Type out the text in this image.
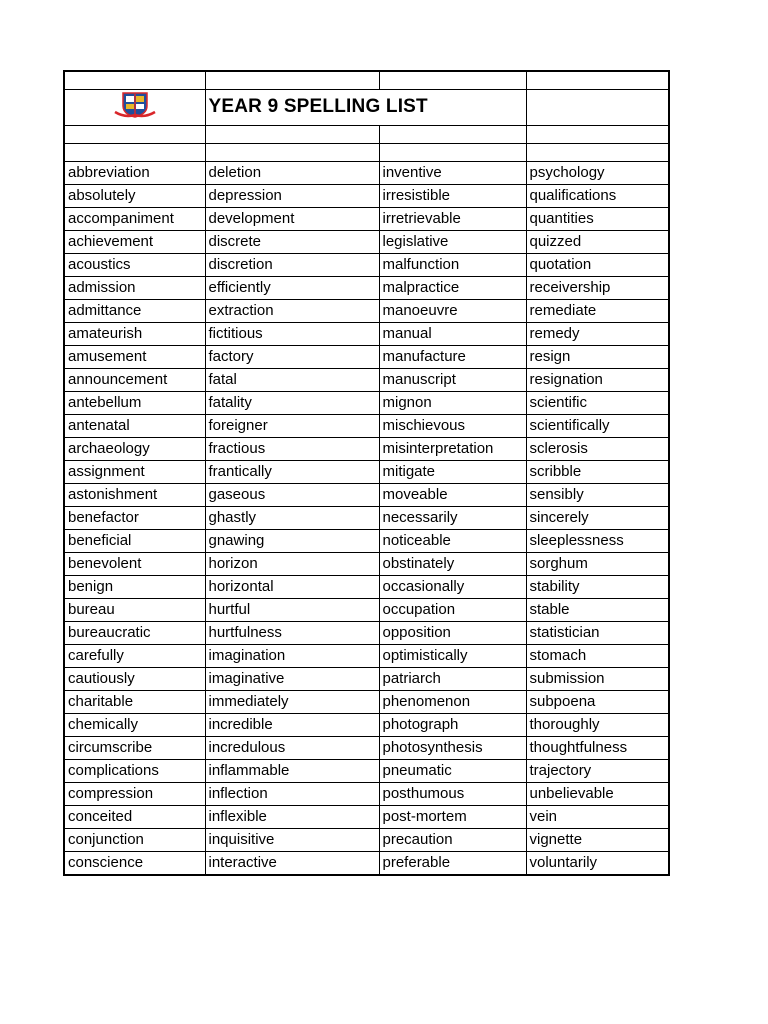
	YEAR 9 SPELLING LIST		

abbreviation	deletion	inventive	psychology
absolutely	depression	irresistible	qualifications
accompaniment	development	irretrievable	quantities
achievement	discrete	legislative	quizzed
acoustics	discretion	malfunction	quotation
admission	efficiently	malpractice	receivership
admittance	extraction	manoeuvre	remediate
amateurish	fictitious	manual	remedy
amusement	factory	manufacture	resign
announcement	fatal	manuscript	resignation
antebellum	fatality	mignon	scientific
antenatal	foreigner	mischievous	scientifically
archaeology	fractious	misinterpretation	sclerosis
assignment	frantically	mitigate	scribble
astonishment	gaseous	moveable	sensibly
benefactor	ghastly	necessarily	sincerely
beneficial	gnawing	noticeable	sleeplessness
benevolent	horizon	obstinately	sorghum
benign	horizontal	occasionally	stability
bureau	hurtful	occupation	stable
bureaucratic	hurtfulness	opposition	statistician
carefully	imagination	optimistically	stomach
cautiously	imaginative	patriarch	submission
charitable	immediately	phenomenon	subpoena
chemically	incredible	photograph	thoroughly
circumscribe	incredulous	photosynthesis	thoughtfulness
complications	inflammable	pneumatic	trajectory
compression	inflection	posthumous	unbelievable
conceited	inflexible	post-mortem	vein
conjunction	inquisitive	precaution	vignette
conscience	interactive	preferable	voluntarily
